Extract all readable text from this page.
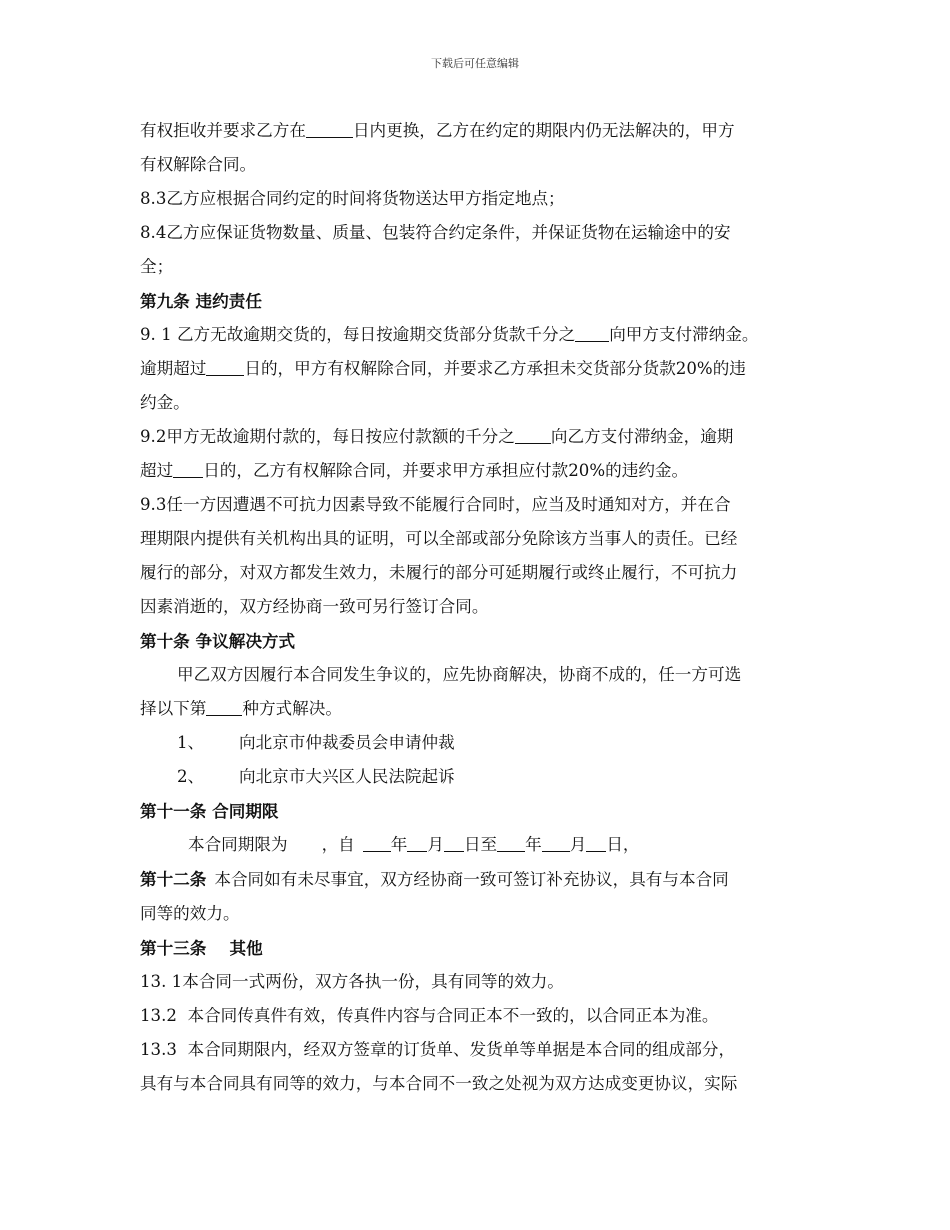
下载后可任意编辑

有权拒收并要求乙方在	日内更换，乙方在约定的期限内仍无法解决的，甲方

有权解除合同。

8.3乙方应根据合同约定的时间将货物送达甲方指定地点；

8.4乙方应保证货物数量、质量、包装符合约定条件，并保证货物在运输途中的安

全；

第九条 违约责任

9. 1 乙方无故逾期交货的，每日按逾期交货部分货款千分之 向甲方支付滞纳金。

逾期超过 日的，甲方有权解除合同，并要求乙方承担未交货部分货款20%的违

约金。

9.2甲方无故逾期付款的，每日按应付款额的千分之 向乙方支付滞纳金，逾期

超过 日的，乙方有权解除合同，并要求甲方承担应付款20%的违约金。

9.3任一方因遭遇不可抗力因素导致不能履行合同时，应当及时通知对方，并在合

理期限内提供有关机构出具的证明，可以全部或部分免除该方当事人的责任。已经

履行的部分，对双方都发生效力，未履行的部分可延期履行或终止履行，不可抗力

因素消逝的，双方经协商一致可另行签订合同。

第十条 争议解决方式

甲乙双方因履行本合同发生争议的，应先协商解决，协商不成的，任一方可选

择以下第 种方式解决。

1、 向北京市仲裁委员会申请仲裁

2、 向北京市大兴区人民法院起诉

第十一条 合同期限

本合同期限为 ，自 年 月 日至 年 月 日，

第十二条 本合同如有未尽事宜，双方经协商一致可签订补充协议，具有与本合同

同等的效力。

第十三条    其他

13. 1本合同一式两份，双方各执一份，具有同等的效力。

13.2  本合同传真件有效，传真件内容与合同正本不一致的，以合同正本为准。

13.3  本合同期限内，经双方签章的订货单、发货单等单据是本合同的组成部分，

具有与本合同具有同等的效力，与本合同不一致之处视为双方达成变更协议，实际
